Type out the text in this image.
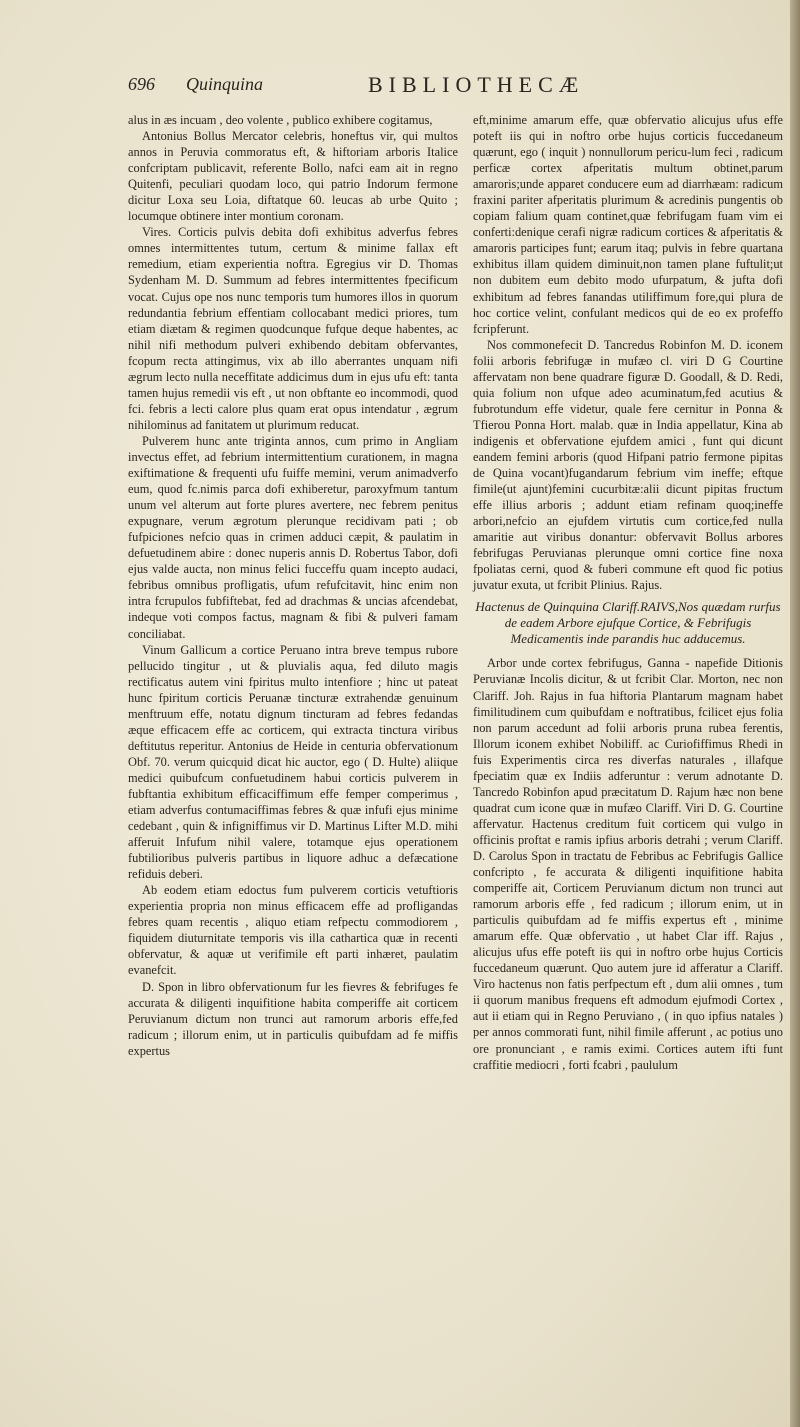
696 Quinquina	BIBLIOTHECÆ

alus in æs incuam , deo volente , publico exhibere cogitamus,

Antonius Bollus Mercator celebris, honeftus vir, qui multos annos in Peruvia commoratus eft, & hiftoriam arboris Italice confcriptam publicavit, referente Bollo, nafci eam ait in regno Quitenfi, peculiari quodam loco, qui patrio Indorum fermone dicitur Loxa seu Loia, diftatque 60. leucas ab urbe Quito ; locumque obtinere inter montium coronam.

Vires. Corticis pulvis debita dofi exhibitus adverfus febres omnes intermittentes tutum, certum & minime fallax eft remedium, etiam experientia noftra. Egregius vir D. Thomas Sydenham M. D. Summum ad febres intermittentes fpecificum vocat. Cujus ope nos nunc temporis tum humores illos in quorum redundantia febrium effentiam collocabant medici priores, tum etiam diætam & regimen quodcunque fufque deque habentes, ac nihil nifi methodum pulveri exhibendo debitam obfervantes, fcopum recta attingimus, vix ab illo aberrantes unquam nifi ægrum lecto nulla neceffitate addicimus dum in ejus ufu eft: tanta tamen hujus remedii vis eft , ut non obftante eo incommodi, quod fci. febris a lecti calore plus quam erat opus intendatur , ægrum nihilominus ad fanitatem ut plurimum reducat.

Pulverem hunc ante triginta annos, cum primo in Angliam invectus effet, ad febrium intermittentium curationem, in magna exiftimatione & frequenti ufu fuiffe memini, verum animadverfo eum, quod fc.nimis parca dofi exhiberetur, paroxyfmum tantum unum vel alterum aut forte plures avertere, nec febrem penitus expugnare, verum ægrotum plerunque recidivam pati ; ob fufpiciones nefcio quas in crimen adduci cæpit, & paulatim in defuetudinem abire : donec nuperis annis D. Robertus Tabor, dofi ejus valde aucta, non minus felici fucceffu quam incepto audaci, febribus omnibus profligatis, ufum refufcitavit, hinc enim non intra fcrupulos fubfiftebat, fed ad drachmas & uncias afcendebat, indeque voti compos factus, magnam & fibi & pulveri famam conciliabat.

Vinum Gallicum a cortice Peruano intra breve tempus rubore pellucido tingitur , ut & pluvialis aqua, fed diluto magis rectificatus autem vini fpiritus multo intenfiore ; hinc ut pateat hunc fpiritum corticis Peruanæ tincturæ extrahendæ genuinum menftruum effe, notatu dignum tincturam ad febres fedandas æque efficacem effe ac corticem, qui extracta tinctura viribus deftitutus reperitur. Antonius de Heide in centuria obfervationum Obf. 70. verum quicquid dicat hic auctor, ego ( D. Hulte) aliique medici quibufcum confuetudinem habui corticis pulverem in fubftantia exhibitum efficaciffimum effe femper comperimus , etiam adverfus contumaciffimas febres & quæ infufi ejus minime cedebant , quin & infigniffimus vir D. Martinus Lifter M.D. mihi afferuit Infufum nihil valere, totamque ejus operationem fubtilioribus pulveris partibus in liquore adhuc a defæcatione refiduis deberi.

Ab eodem etiam edoctus fum pulverem corticis vetuftioris experientia propria non minus efficacem effe ad profligandas febres quam recentis , aliquo etiam refpectu commodiorem , fiquidem diuturnitate temporis vis illa cathartica quæ in recenti obfervatur, & aquæ ut verifimile eft parti inhæret, paulatim evanefcit.

D. Spon in libro obfervationum fur les fievres & febrifuges fe accurata & diligenti inquifitione habita comperiffe ait corticem Peruvianum dictum non trunci aut ramorum arboris effe,fed radicum ; illorum enim, ut in particulis quibufdam ad fe miffis expertus

eft,minime amarum effe, quæ obfervatio alicujus ufus effe poteft iis qui in noftro orbe hujus corticis fuccedaneum quærunt, ego ( inquit ) nonnullorum pericu-lum feci , radicum perficæ cortex afperitatis multum obtinet,parum amaroris;unde apparet conducere eum ad diarrhæam: radicum fraxini pariter afperitatis plurimum & acredinis pungentis ob copiam falium quam continet,quæ febrifugam fuam vim ei conferti:denique cerafi nigræ radicum cortices & afperitatis & amaroris participes funt; earum itaq; pulvis in febre quartana exhibitus illam quidem diminuit,non tamen plane fuftulit;ut non dubitem eum debito modo ufurpatum, & jufta dofi exhibitum ad febres fanandas utiliffimum fore,qui plura de hoc cortice velint, confulant medicos qui de eo ex profeffo fcripferunt.

Nos commonefecit D. Tancredus Robinfon M. D. iconem folii arboris febrifugæ in mufæo cl. viri D G Courtine affervatam non bene quadrare figuræ D. Goodall, & D. Redi, quia folium non ufque adeo acuminatum,fed acutius & fubrotundum effe videtur, quale fere cernitur in Ponna & Tfierou Ponna Hort. malab. quæ in India appellatur, Kina ab indigenis et obfervatione ejufdem amici , funt qui dicunt eandem femini arboris (quod Hifpani patrio fermone pipitas de Quina vocant)fugandarum febrium vim ineffe; eftque fimile(ut ajunt)femini cucurbitæ:alii dicunt pipitas fructum effe illius arboris ; addunt etiam refinam quoq;ineffe arbori,nefcio an ejufdem virtutis cum cortice,fed nulla amaritie aut viribus donantur: obfervavit Bollus arbores febrifugas Peruvianas plerunque omni cortice fine noxa fpoliatas cerni, quod & fuberi commune eft quod fic potius juvatur exuta, ut fcribit Plinius. Rajus.

Hactenus de Quinquina Clariff.RAIVS,Nos quædam rurfus de eadem Arbore ejufque Cortice, & Febrifugis Medicamentis inde parandis huc adducemus.

Arbor unde cortex febrifugus, Ganna - napefide Ditionis Peruvianæ Incolis dicitur, & ut fcribit Clar. Morton, nec non Clariff. Joh. Rajus in fua hiftoria Plantarum magnam habet fimilitudinem cum quibufdam e noftratibus, fcilicet ejus folia non parum accedunt ad folii arboris pruna rubea ferentis, Illorum iconem exhibet Nobiliff. ac Curiofiffimus Rhedi in fuis Experimentis circa res diverfas naturales , illafque fpeciatim quæ ex Indiis adferuntur : verum adnotante D. Tancredo Robinfon apud præcitatum D. Rajum hæc non bene quadrat cum icone quæ in mufæo Clariff. Viri D. G. Courtine affervatur. Hactenus creditum fuit corticem qui vulgo in officinis proftat e ramis ipfius arboris detrahi ; verum Clariff. D. Carolus Spon in tractatu de Febribus ac Febrifugis Gallice confcripto , fe accurata & diligenti inquifitione habita comperiffe ait, Corticem Peruvianum dictum non trunci aut ramorum arboris effe , fed radicum ; illorum enim, ut in particulis quibufdam ad fe miffis expertus eft , minime amarum effe. Quæ obfervatio , ut habet Clar iff. Rajus , alicujus ufus effe poteft iis qui in noftro orbe hujus Corticis fuccedaneum quærunt. Quo autem jure id afferatur a Clariff. Viro hactenus non fatis perfpectum eft , dum alii omnes , tum ii quorum manibus frequens eft admodum ejufmodi Cortex , aut ii etiam qui in Regno Peruviano , ( in quo ipfius natales ) per annos commorati funt, nihil fimile afferunt , ac potius uno ore pronunciant , e ramis eximi. Cortices autem ifti funt craffitie mediocri , forti fcabri , paululum
